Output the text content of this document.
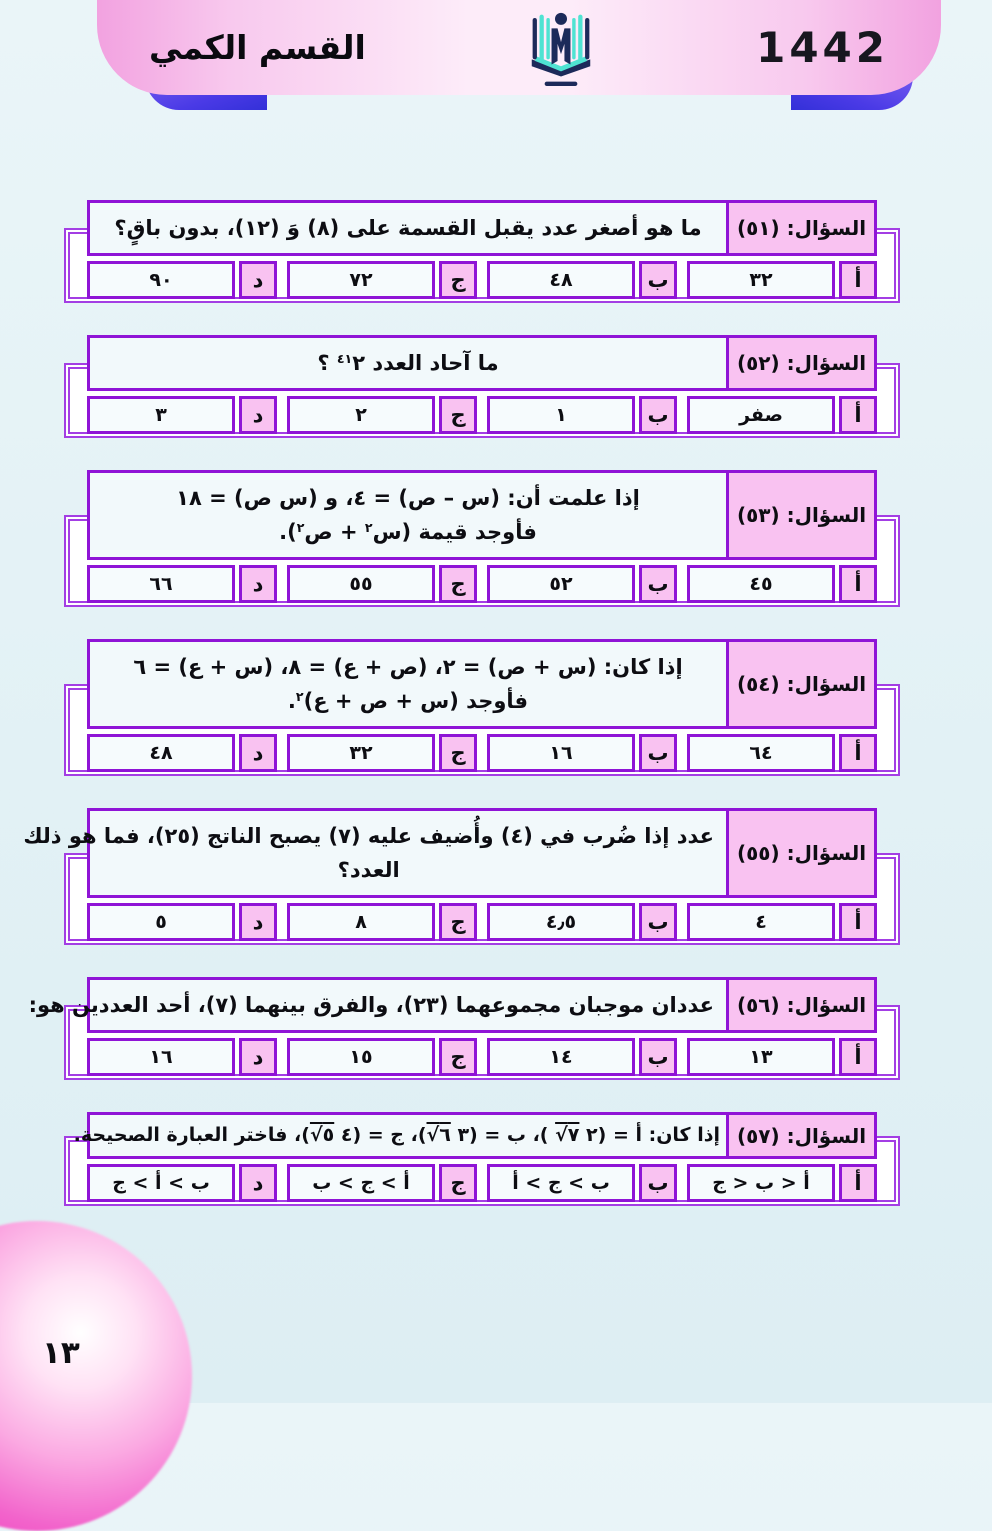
1442
القسم الكمي
السؤال: (٥١)
ما هو أصغر عدد يقبل القسمة على (٨) وَ (١٢)، بدون باقٍ؟
أ
٣٢
ب
٤٨
ج
٧٢
د
٩٠
السؤال: (٥٢)
ما آحاد العدد $٢^{٤١}$ ؟
أ
صفر
ب
١
ج
٢
د
٣
السؤال: (٥٣)
إذا علمت أن: (س – ص) = ٤، و (س ص) = ١٨
فأوجد قيمة (س$^٢$ + ص$^٢$).
أ
٤٥
ب
٥٢
ج
٥٥
د
٦٦
السؤال: (٥٤)
إذا كان: (س + ص) = ٢، (ص + ع) = ٨، (س + ع) = ٦
فأوجد (س + ص + ع)$^٢$.
أ
٦٤
ب
١٦
ج
٣٢
د
٤٨
السؤال: (٥٥)
عدد إذا ضُرب في (٤) وأُضيف عليه (٧) يصبح الناتج (٢٥)، فما هو ذلك
العدد؟
أ
٤
ب
٤٫٥
ج
٨
د
٥
السؤال: (٥٦)
عددان موجبان مجموعهما (٢٣)، والفرق بينهما (٧)، أحد العددين هو:
أ
١٣
ب
١٤
ج
١٥
د
١٦
السؤال: (٥٧)
إذا كان: أ = (٢ √٧ )، ب = (٣ √٦)، ج = (٤ √٥)، فاختر العبارة الصحيحة.
أ
أ < ب < ج
ب
ب > ج > أ
ج
أ > ج > ب
د
ب > أ > ج
١٣
